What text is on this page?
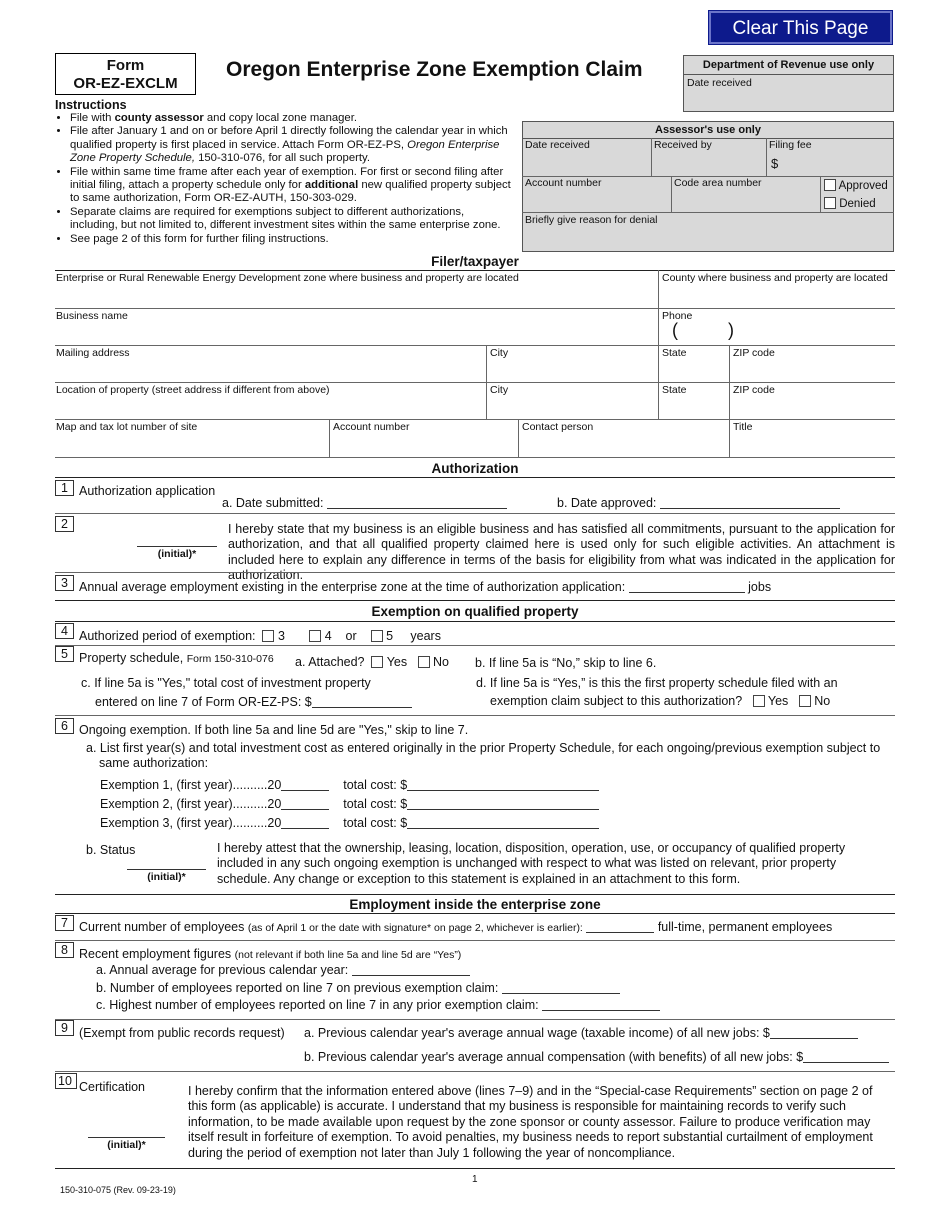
Clear This Page
Form
OR-EZ-EXCLM
Oregon Enterprise Zone Exemption Claim	Department of Revenue use only
Date received
Assessor's use only
Date received	Received by	Filing fee
$
Account number	Code area number	Approved
Denied
Briefly give reason for denial
Instructions
• File with county assessor and copy local zone manager.
• File after January 1 and on or before April 1 directly following the calendar year in which qualified property is first placed in service. Attach Form OR-EZ-PS, Oregon Enterprise Zone Property Schedule, 150-310-076, for all such property.
• File within same time frame after each year of exemption. For first or second filing after initial filing, attach a property schedule only for additional new qualified property subject to same authorization, Form OR-EZ-AUTH, 150-303-029.
• Separate claims are required for exemptions subject to different authorizations, including, but not limited to, different investment sites within the same enterprise zone.
• See page 2 of this form for further filing instructions.
Filer/taxpayer
Enterprise or Rural Renewable Energy Development zone where business and property are located	County where business and property are located
Business name	Phone
(          )
Mailing address	City	State	ZIP code
Location of property (street address if different from above)	City	State	ZIP code
Map and tax lot number of site	Account number	Contact person	Title
Authorization
1 Authorization application
a. Date submitted:	b. Date approved:
2
(initial)*
I hereby state that my business is an eligible business and has satisfied all commitments, pursuant to the application for authorization, and that all qualified property claimed here is used only for such eligible activities. An attachment is included here to explain any difference in terms of the basis for eligibility from what was indicated in the application for authorization.
3 Annual average employment existing in the enterprise zone at the time of authorization application:	jobs
Exemption on qualified property
4 Authorized period of exemption: 3	4 or 5 years
5 Property schedule, Form 150-310-076 a. Attached? Yes No b. If line 5a is “No,” skip to line 6.
c. If line 5a is "Yes," total cost of investment property
entered on line 7 of Form OR-EZ-PS: $
d. If line 5a is “Yes,” is this the first property schedule filed with an
exemption claim subject to this authorization? Yes No
6 Ongoing exemption. If both line 5a and line 5d are "Yes," skip to line 7.
a. List first year(s) and total investment cost as entered originally in the prior Property Schedule, for each ongoing/previous exemption subject to same authorization:
Exemption 1, (first year)..........20	total cost: $
Exemption 2, (first year)..........20	total cost: $
Exemption 3, (first year)..........20	total cost: $
b. Status
(initial)*
I hereby attest that the ownership, leasing, location, disposition, operation, use, or occupancy of qualified property included in any such ongoing exemption is unchanged with respect to what was listed on relevant, prior property schedule. Any change or exception to this statement is explained in an attachment to this form.
Employment inside the enterprise zone
7 Current number of employees (as of April 1 or the date with signature* on page 2, whichever is earlier):	full-time, permanent employees
8 Recent employment figures (not relevant if both line 5a and line 5d are “Yes”)
a. Annual average for previous calendar year:
b. Number of employees reported on line 7 on previous exemption claim:
c. Highest number of employees reported on line 7 in any prior exemption claim:
9 (Exempt from public records request) a. Previous calendar year's average annual wage (taxable income) of all new jobs: $
b. Previous calendar year's average annual compensation (with benefits) of all new jobs: $
10 Certification
(initial)*
I hereby confirm that the information entered above (lines 7–9) and in the “Special-case Requirements” section on page 2 of this form (as applicable) is accurate. I understand that my business is responsible for maintaining records to verify such information, to be made available upon request by the zone sponsor or county assessor. Failure to produce verification may itself result in forfeiture of exemption. To avoid penalties, my business needs to report substantial curtailment of employment during the period of exemption not later than July 1 following the year of noncompliance.
1
150-310-075 (Rev. 09-23-19)
